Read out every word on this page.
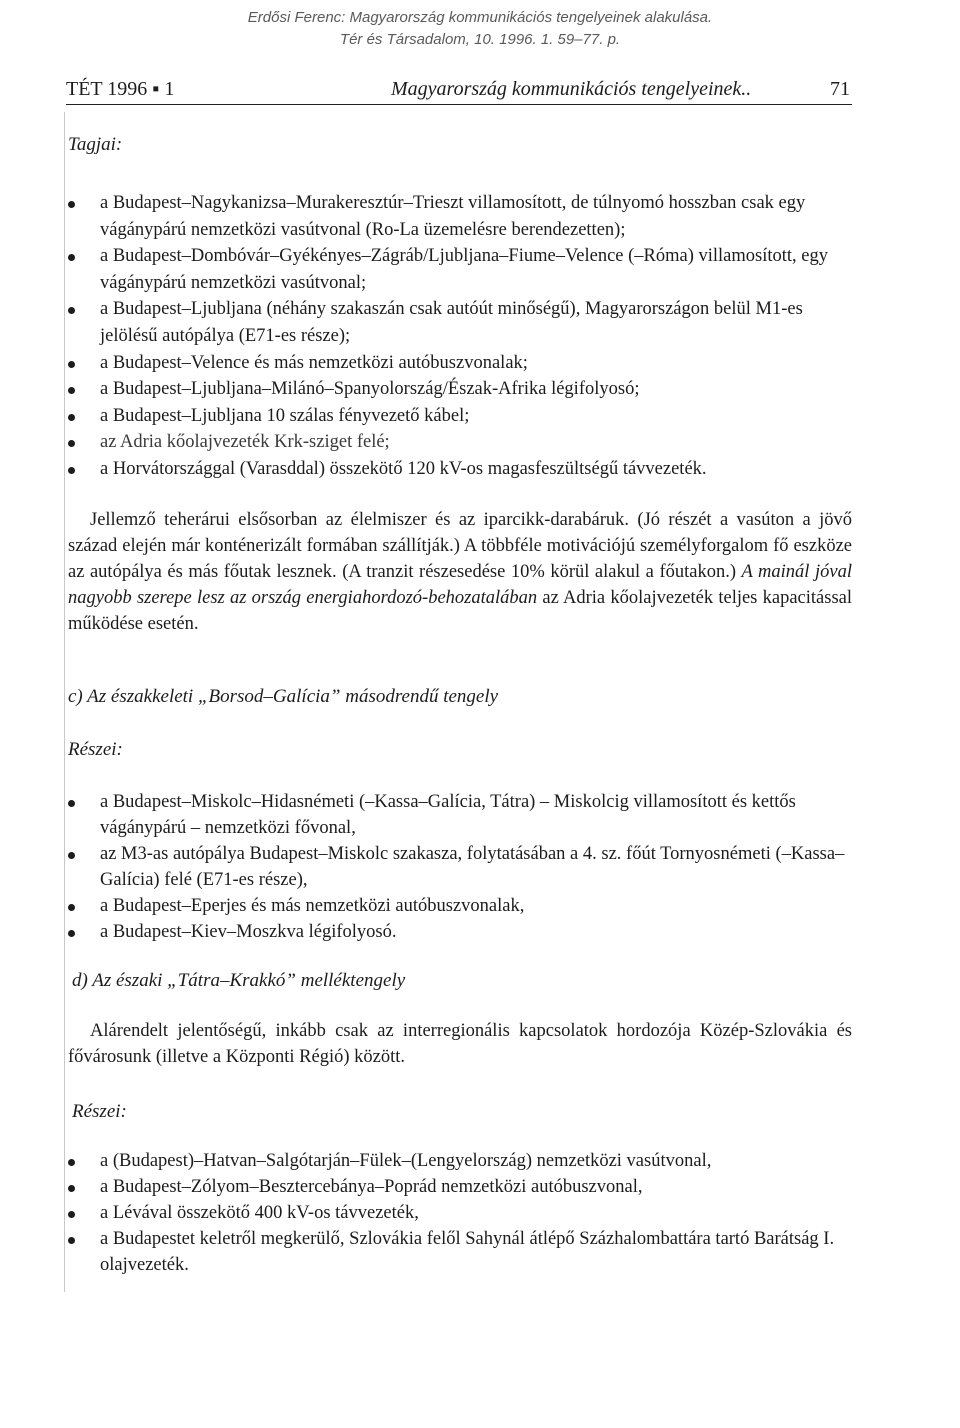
Erdősi Ferenc: Magyarország kommunikációs tengelyeinek alakulása.
Tér és Társadalom, 10. 1996. 1. 59–77. p.
TÉT 1996 ▪ 1	Magyarország kommunikációs tengelyeinek..	71
Tagjai:
a Budapest–Nagykanizsa–Murakeresztúr–Trieszt villamosított, de túlnyomó hosszban csak egy vágánypárú nemzetközi vasútvonal (Ro-La üzemelésre berendezetten);
a Budapest–Dombóvár–Gyékényes–Zágráb/Ljubljana–Fiume–Velence (–Róma) villamosított, egy vágánypárú nemzetközi vasútvonal;
a Budapest–Ljubljana (néhány szakaszán csak autóút minőségű), Magyarországon belül M1-es jelölésű autópálya (E71-es része);
a Budapest–Velence és más nemzetközi autóbuszvonalak;
a Budapest–Ljubljana–Milánó–Spanyolország/Észak-Afrika légifolyosó;
a Budapest–Ljubljana 10 szálas fényvezető kábel;
az Adria kőolajvezeték Krk-sziget felé;
a Horvátországgal (Varasddal) összekötő 120 kV-os magasfeszültségű távvezeték.

Jellemző teherárui elsősorban az élelmiszer és az iparcikk-darabáruk. (Jó részét a vasúton a jövő század elején már konténerizált formában szállítják.) A többféle motivációjú személyforgalom fő eszköze az autópálya és más főutak lesznek. (A tranzit részesedése 10% körül alakul a főutakon.) A mainál jóval nagyobb szerepe lesz az ország energiahordozó-behozatalában az Adria kőolajvezeték teljes kapacitással működése esetén.

c) Az északkeleti „Borsod–Galícia” másodrendű tengely
Részei:
a Budapest–Miskolc–Hidasnémeti (–Kassa–Galícia, Tátra) – Miskolcig villamosított és kettős vágánypárú – nemzetközi fővonal,
az M3-as autópálya Budapest–Miskolc szakasza, folytatásában a 4. sz. főút Tornyosnémeti (–Kassa–Galícia) felé (E71-es része),
a Budapest–Eperjes és más nemzetközi autóbuszvonalak,
a Budapest–Kiev–Moszkva légifolyosó.
d) Az északi „Tátra–Krakkó” melléktengely

Alárendelt jelentőségű, inkább csak az interregionális kapcsolatok hordozója Közép-Szlovákia és fővárosunk (illetve a Központi Régió) között.

Részei:
a (Budapest)–Hatvan–Salgótarján–Fülek–(Lengyelország) nemzetközi vasútvonal,
a Budapest–Zólyom–Besztercebánya–Poprád nemzetközi autóbuszvonal,
a Lévával összekötő 400 kV-os távvezeték,
a Budapestet keletről megkerülő, Szlovákia felől Sahynál átlépő Százhalombattára tartó Barátság I. olajvezeték.
